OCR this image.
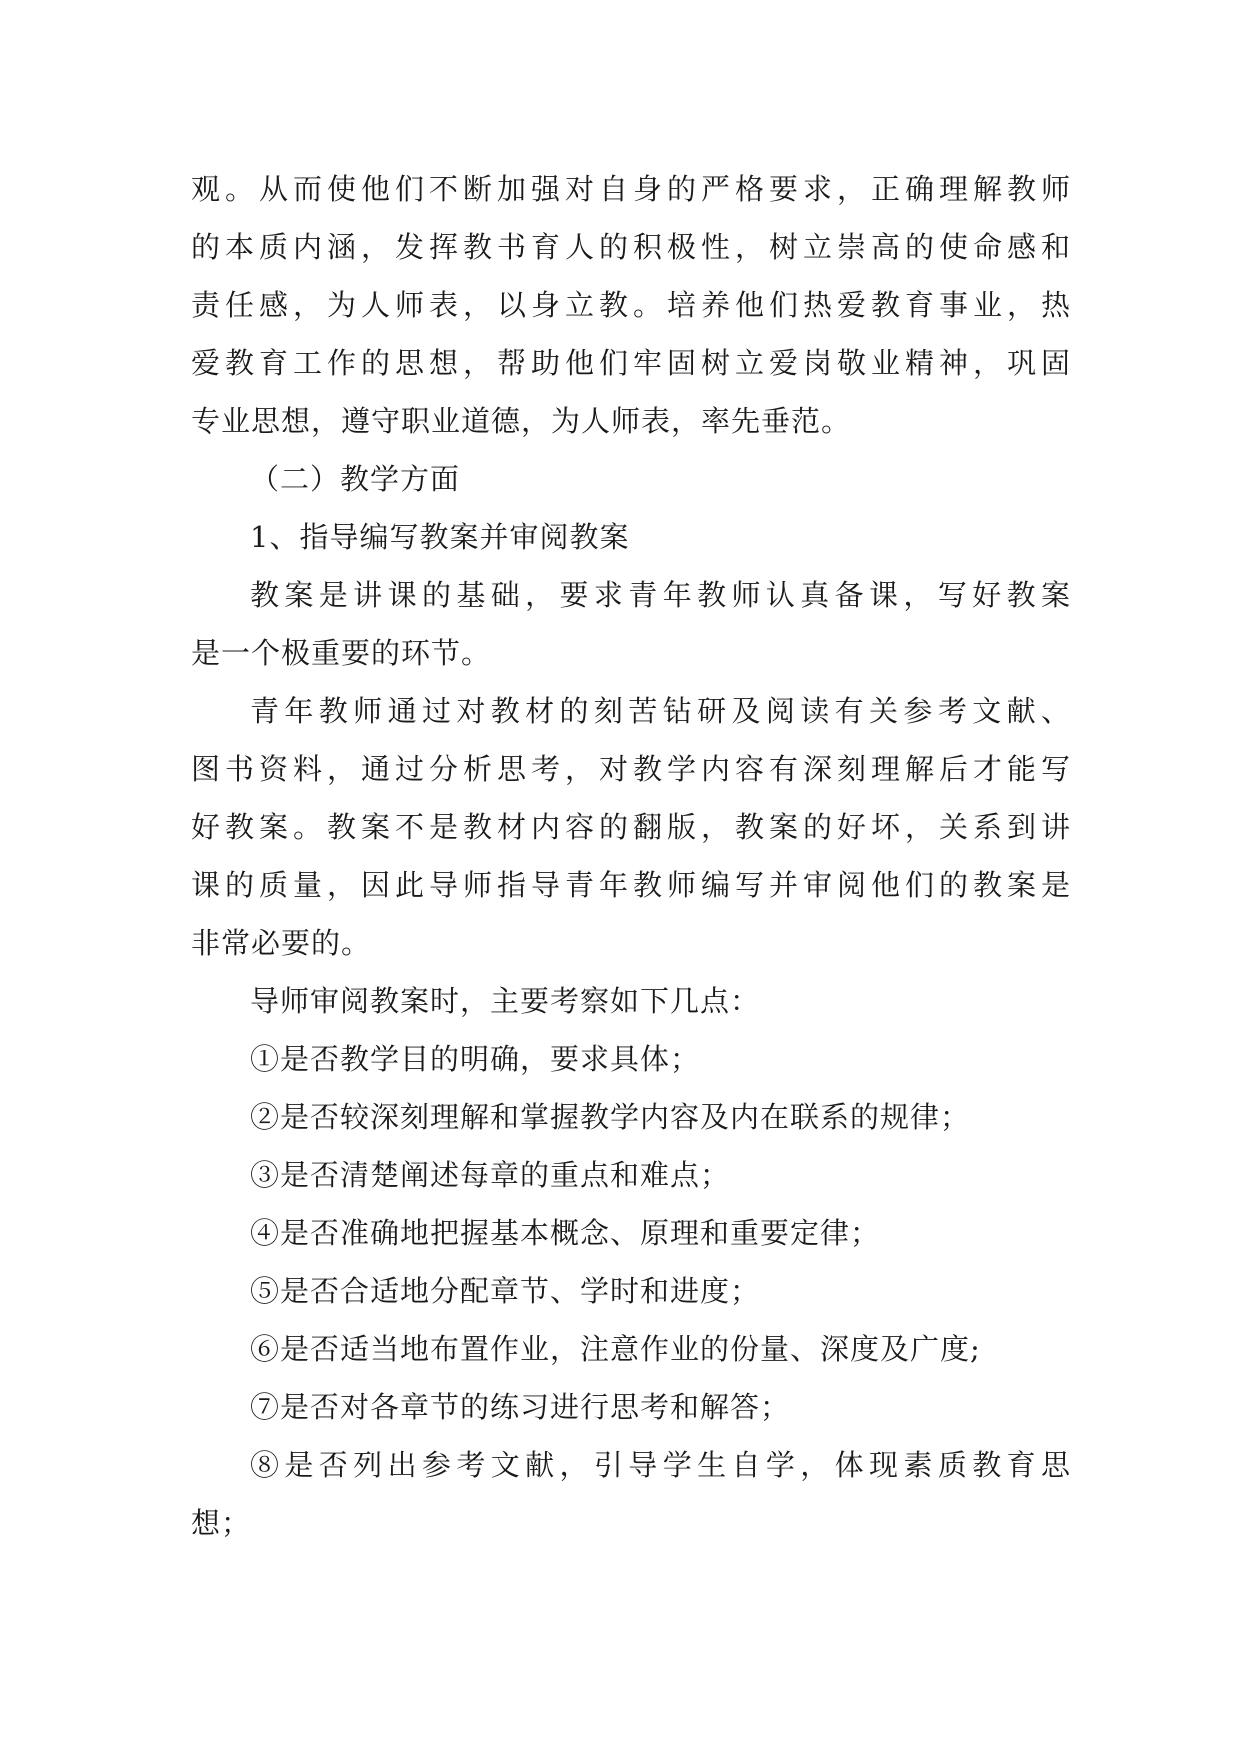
观。从而使他们不断加强对自身的严格要求，正确理解教师
的本质内涵，发挥教书育人的积极性，树立崇高的使命感和
责任感，为人师表，以身立教。培养他们热爱教育事业，热
爱教育工作的思想，帮助他们牢固树立爱岗敬业精神，巩固
专业思想，遵守职业道德，为人师表，率先垂范。
（二）教学方面
1、指导编写教案并审阅教案
教案是讲课的基础，要求青年教师认真备课，写好教案
是一个极重要的环节。
青年教师通过对教材的刻苦钻研及阅读有关参考文献、
图书资料，通过分析思考，对教学内容有深刻理解后才能写
好教案。教案不是教材内容的翻版，教案的好坏，关系到讲
课的质量，因此导师指导青年教师编写并审阅他们的教案是
非常必要的。
导师审阅教案时，主要考察如下几点：
①是否教学目的明确，要求具体；
②是否较深刻理解和掌握教学内容及内在联系的规律；
③是否清楚阐述每章的重点和难点；
④是否准确地把握基本概念、原理和重要定律；
⑤是否合适地分配章节、学时和进度；
⑥是否适当地布置作业，注意作业的份量、深度及广度;
⑦是否对各章节的练习进行思考和解答；
⑧是否列出参考文献，引导学生自学，体现素质教育思
想；
